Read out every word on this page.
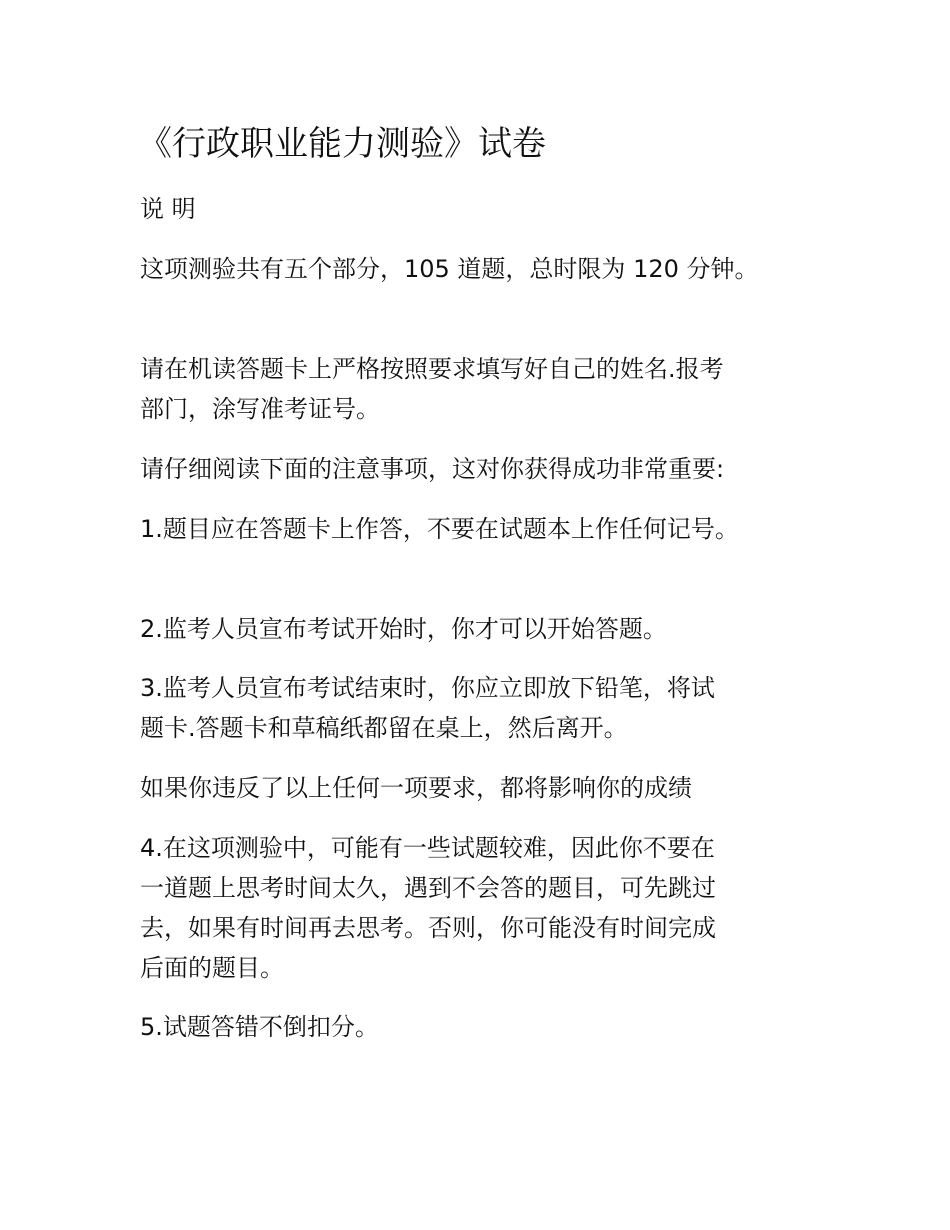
《行政职业能力测验》试卷
说 明
这项测验共有五个部分，105 道题，总时限为 120 分钟。
请在机读答题卡上严格按照要求填写好自己的姓名.报考
部门，涂写准考证号。
请仔细阅读下面的注意事项，这对你获得成功非常重要:
1.题目应在答题卡上作答，不要在试题本上作任何记号。
2.监考人员宣布考试开始时，你才可以开始答题。
3.监考人员宣布考试结束时，你应立即放下铅笔，将试
题卡.答题卡和草稿纸都留在桌上，然后离开。
如果你违反了以上任何一项要求，都将影响你的成绩
4.在这项测验中，可能有一些试题较难，因此你不要在
一道题上思考时间太久，遇到不会答的题目，可先跳过
去，如果有时间再去思考。否则，你可能没有时间完成
后面的题目。
5.试题答错不倒扣分。
